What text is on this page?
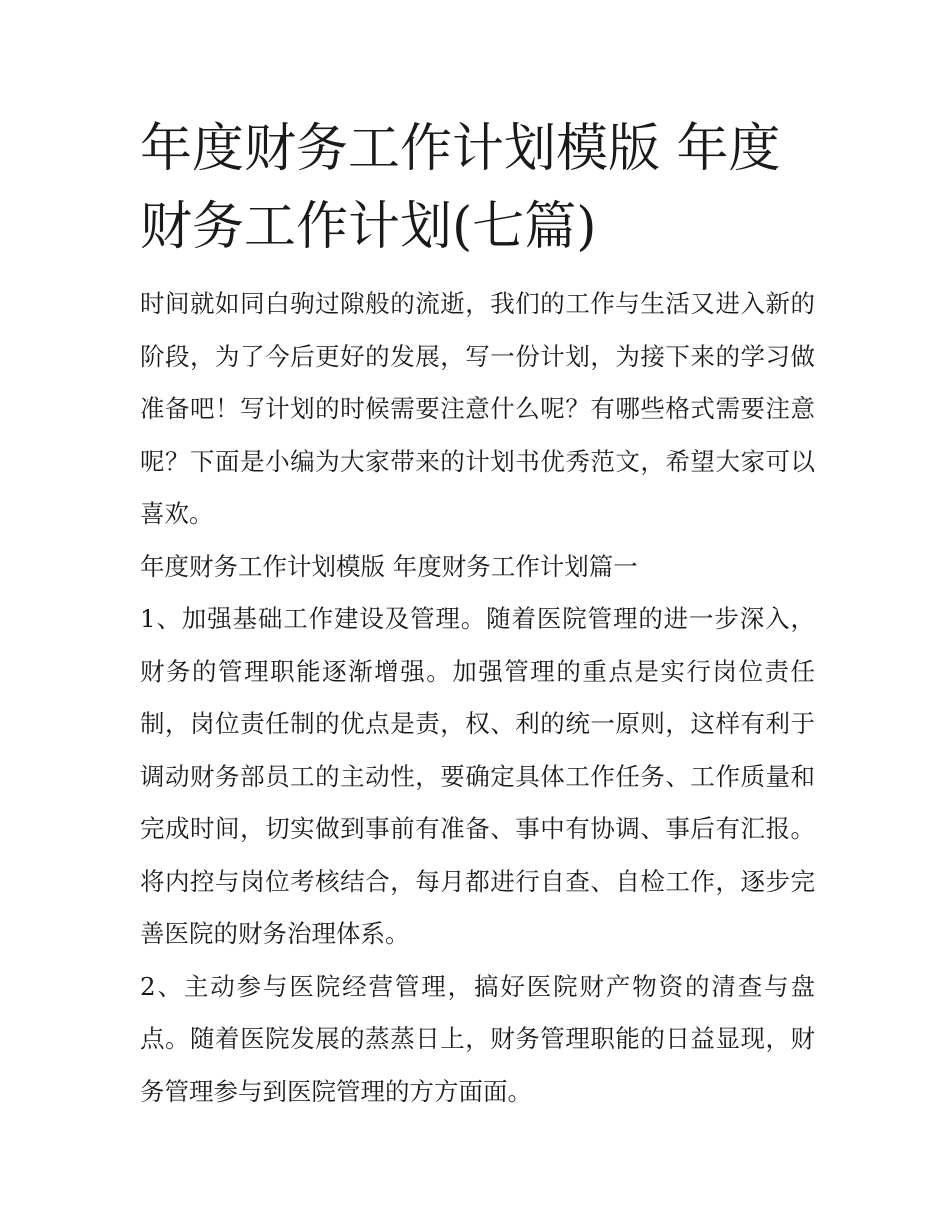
年度财务工作计划模版 年度财务工作计划(七篇)

时间就如同白驹过隙般的流逝，我们的工作与生活又进入新的阶段，为了今后更好的发展，写一份计划，为接下来的学习做准备吧！写计划的时候需要注意什么呢？有哪些格式需要注意呢？下面是小编为大家带来的计划书优秀范文，希望大家可以喜欢。

年度财务工作计划模版 年度财务工作计划篇一

1、加强基础工作建设及管理。随着医院管理的进一步深入，财务的管理职能逐渐增强。加强管理的重点是实行岗位责任制，岗位责任制的优点是责，权、利的统一原则，这样有利于调动财务部员工的主动性，要确定具体工作任务、工作质量和完成时间，切实做到事前有准备、事中有协调、事后有汇报。将内控与岗位考核结合，每月都进行自查、自检工作，逐步完善医院的财务治理体系。

2、主动参与医院经营管理，搞好医院财产物资的清查与盘点。随着医院发展的蒸蒸日上，财务管理职能的日益显现，财务管理参与到医院管理的方方面面。
